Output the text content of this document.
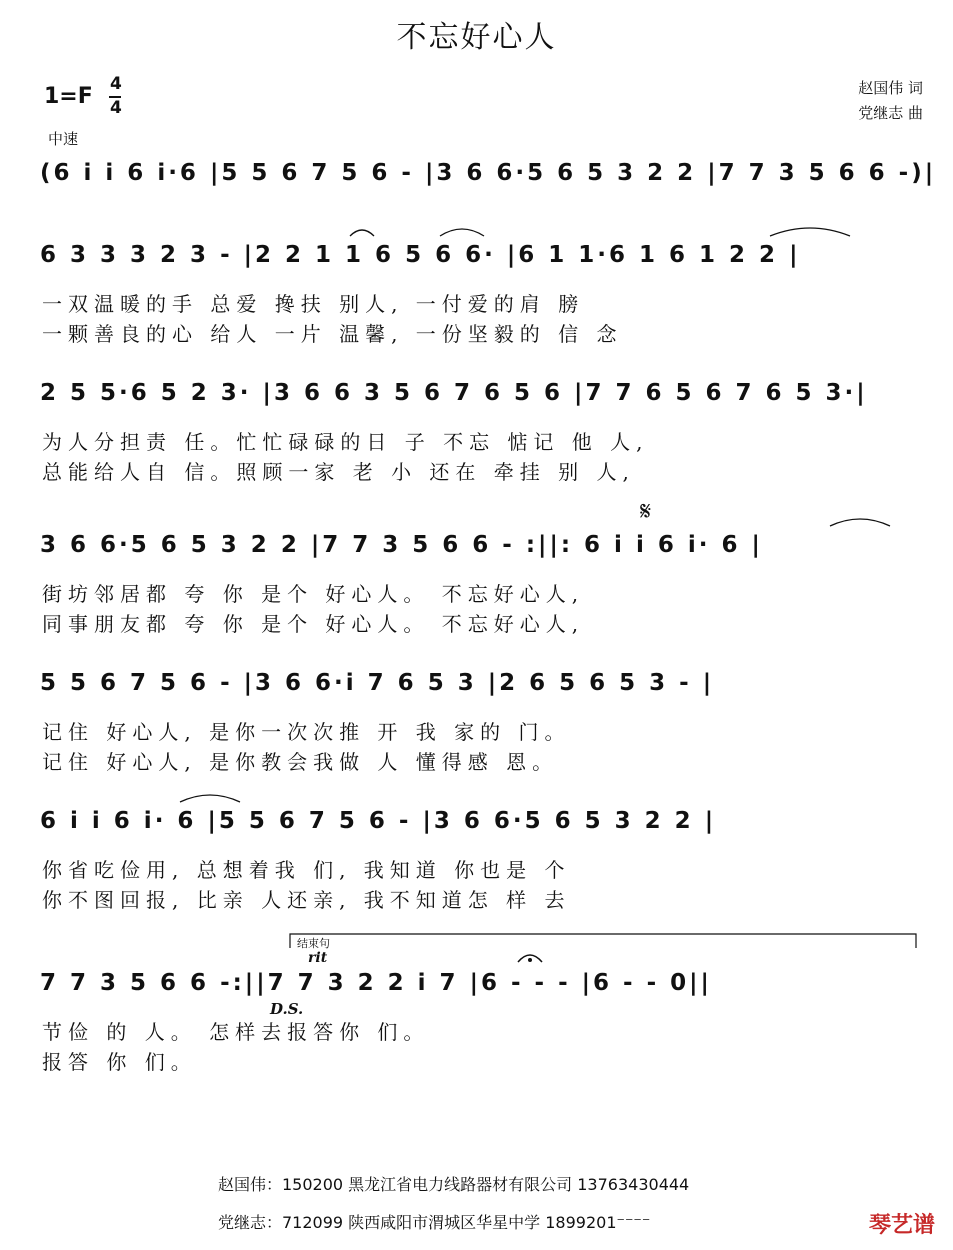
不忘好心人
1=F 4
4
中速
赵国伟 词
党继志 曲
(6 i i 6 i·6 |5 5 6 7 5 6 - |3 6 6·5 6 5 3 2 2 |7 7 3 5 6 6 -)|
6 3 3 3 2 3 - |2 2 1 1 6 5 6 6· |6 1 1·6 1 6 1 2 2 |
一双温暖的手 总爱 搀扶 别人, 一付爱的肩 膀
一颗善良的心 给人 一片 温馨, 一份坚毅的 信 念
2 5 5·6 5 2 3· |3 6 6 3 5 6 7 6 5 6 |7 7 6 5 6 7 6 5 3·|
为人分担责 任。忙忙碌碌的日 子 不忘 惦记 他 人,
总能给人自 信。照顾一家 老 小 还在 牵挂 别 人,
𝄋
3 6 6·5 6 5 3 2 2 |7 7 3 5 6 6 - :||: 6 i i 6 i· 6 |
街坊邻居都 夸 你 是个 好心人。 不忘好心人,
同事朋友都 夸 你 是个 好心人。 不忘好心人,
5 5 6 7 5 6 - |3 6 6·i 7 6 5 3 |2 6 5 6 5 3 - |
记住 好心人, 是你一次次推 开 我 家的 门。
记住 好心人, 是你教会我做 人 懂得感 恩。
6 i i 6 i· 6 |5 5 6 7 5 6 - |3 6 6·5 6 5 3 2 2 |
你省吃俭用, 总想着我 们, 我知道 你也是 个
你不图回报, 比亲 人还亲, 我不知道怎 样 去
结束句
rit
7 7 3 5 6 6 -:||7 7 3 2 2 i 7 |6 - - - |6 - - 0||
D.S.
节俭 的 人。 怎样去报答你 们。
报答 你 们。
赵国伟：150200 黑龙江省电力线路器材有限公司 13763430444
党继志：712099 陕西咸阳市渭城区华星中学 1899201⁻⁻⁻⁻	琴艺谱
